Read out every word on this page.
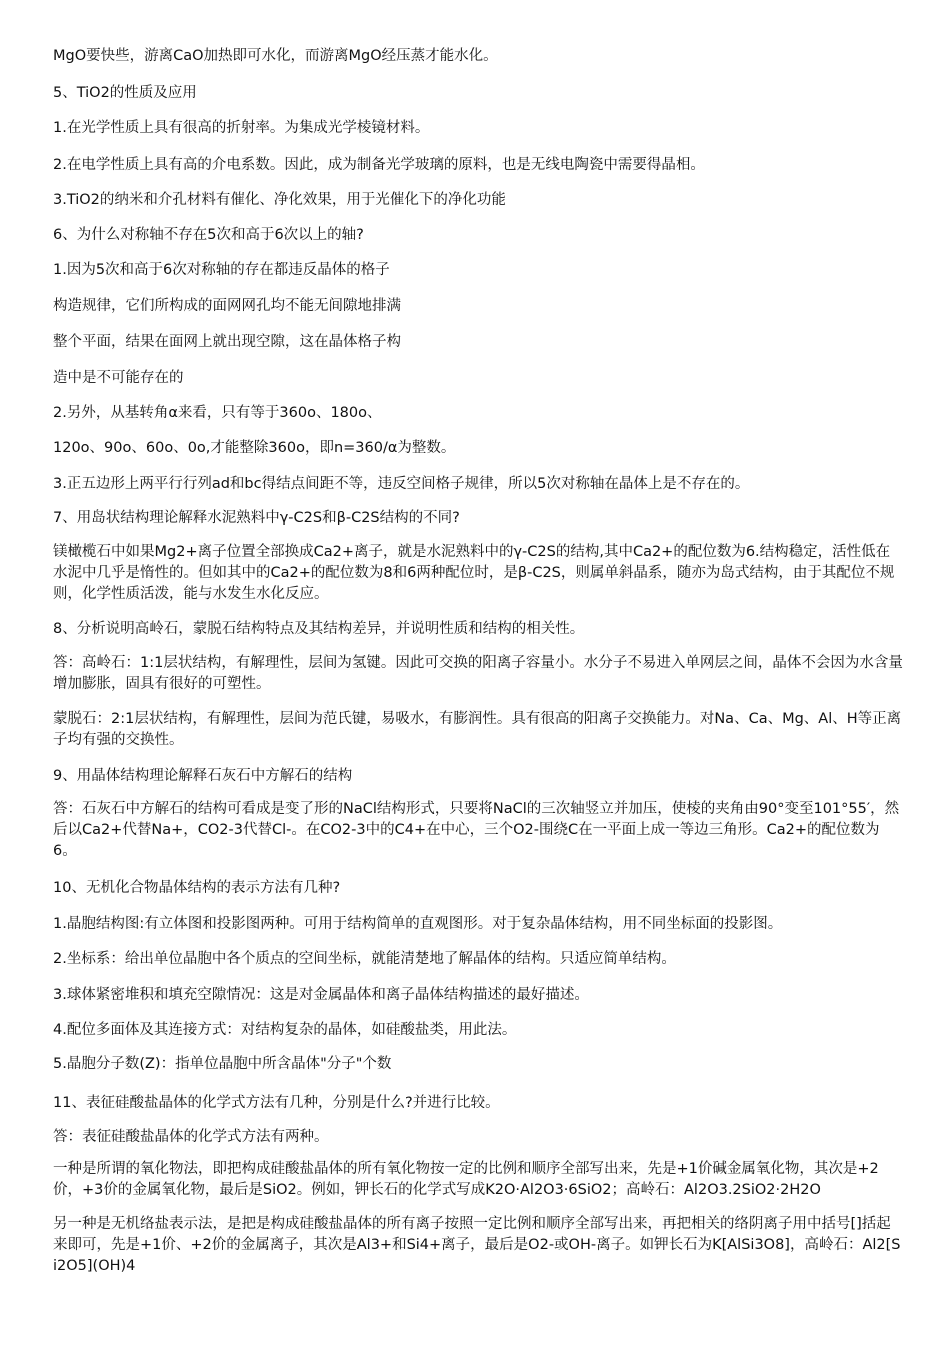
MgO要快些，游离CaO加热即可水化，而游离MgO经压蒸才能水化。
5、TiO2的性质及应用
1.在光学性质上具有很高的折射率。为集成光学棱镜材料。
2.在电学性质上具有高的介电系数。因此，成为制备光学玻璃的原料，也是无线电陶瓷中需要得晶相。
3.TiO2的纳米和介孔材料有催化、净化效果，用于光催化下的净化功能
6、为什么对称轴不存在5次和高于6次以上的轴?
1.因为5次和高于6次对称轴的存在都违反晶体的格子
构造规律，它们所构成的面网网孔均不能无间隙地排满
整个平面，结果在面网上就出现空隙，这在晶体格子构
造中是不可能存在的
2.另外，从基转角α来看，只有等于360o、180o、
120o、90o、60o、0o,才能整除360o，即n=360/α为整数。
3.正五边形上两平行行列ad和bc得结点间距不等，违反空间格子规律，所以5次对称轴在晶体上是不存在的。
7、用岛状结构理论解释水泥熟料中γ-C2S和β-C2S结构的不同?
镁橄榄石中如果Mg2+离子位置全部换成Ca2+离子，就是水泥熟料中的γ-C2S的结构,其中Ca2+的配位数为6.结构稳定，活性低在水泥中几乎是惰性的。但如其中的Ca2+的配位数为8和6两种配位时，是β-C2S，则属单斜晶系，随亦为岛式结构，由于其配位不规则，化学性质活泼，能与水发生水化反应。
8、分析说明高岭石，蒙脱石结构特点及其结构差异，并说明性质和结构的相关性。
答：高岭石：1:1层状结构，有解理性，层间为氢键。因此可交换的阳离子容量小。水分子不易进入单网层之间，晶体不会因为水含量增加膨胀，固具有很好的可塑性。
蒙脱石：2:1层状结构，有解理性，层间为范氏键，易吸水，有膨润性。具有很高的阳离子交换能力。对Na、Ca、Mg、Al、H等正离子均有强的交换性。
9、用晶体结构理论解释石灰石中方解石的结构
答：石灰石中方解石的结构可看成是变了形的NaCl结构形式，只要将NaCl的三次轴竖立并加压，使棱的夹角由90°变至101°55′，然后以Ca2+代替Na+，CO2-3代替Cl-。在CO2-3中的C4+在中心，三个O2-围绕C在一平面上成一等边三角形。Ca2+的配位数为6。
10、无机化合物晶体结构的表示方法有几种?
1.晶胞结构图:有立体图和投影图两种。可用于结构简单的直观图形。对于复杂晶体结构，用不同坐标面的投影图。
2.坐标系：给出单位晶胞中各个质点的空间坐标，就能清楚地了解晶体的结构。只适应简单结构。
3.球体紧密堆积和填充空隙情况：这是对金属晶体和离子晶体结构描述的最好描述。
4.配位多面体及其连接方式：对结构复杂的晶体，如硅酸盐类，用此法。
5.晶胞分子数(Z)：指单位晶胞中所含晶体"分子"个数
11、表征硅酸盐晶体的化学式方法有几种，分别是什么?并进行比较。
答：表征硅酸盐晶体的化学式方法有两种。
一种是所谓的氧化物法，即把构成硅酸盐晶体的所有氧化物按一定的比例和顺序全部写出来，先是+1价碱金属氧化物，其次是+2价，+3价的金属氧化物，最后是SiO2。例如，钾长石的化学式写成K2O·Al2O3·6SiO2；高岭石：Al2O3.2SiO2·2H2O
另一种是无机络盐表示法，是把是构成硅酸盐晶体的所有离子按照一定比例和顺序全部写出来，再把相关的络阴离子用中括号[]括起来即可，先是+1价、+2价的金属离子，其次是Al3+和Si4+离子，最后是O2-或OH-离子。如钾长石为K[AlSi3O8]，高岭石：Al2[Si2O5](OH)4
